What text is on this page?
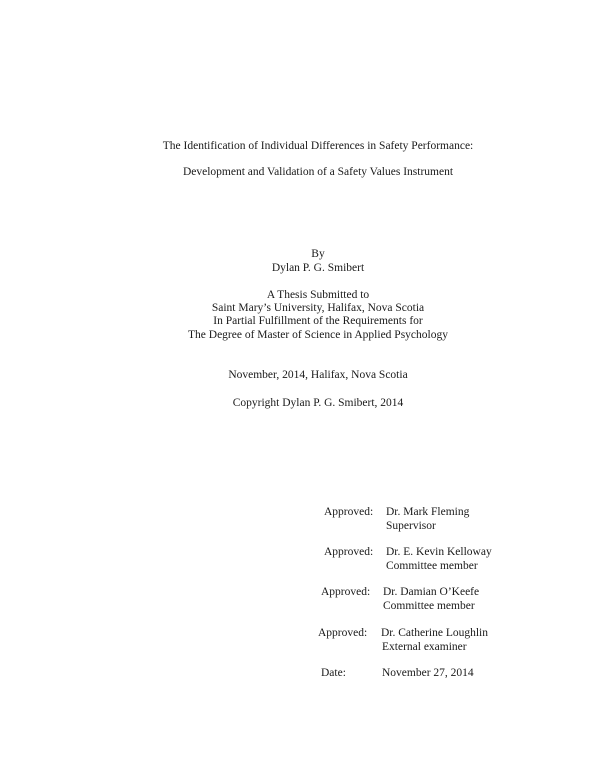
The Identification of Individual Differences in Safety Performance:
Development and Validation of a Safety Values Instrument
By
Dylan P. G. Smibert
A Thesis Submitted to
Saint Mary’s University, Halifax, Nova Scotia
In Partial Fulfillment of the Requirements for
The Degree of Master of Science in Applied Psychology
November, 2014, Halifax, Nova Scotia
Copyright Dylan P. G. Smibert, 2014
Approved: Dr. Mark Fleming
Supervisor
Approved: Dr. E. Kevin Kelloway
Committee member
Approved: Dr. Damian O’Keefe
Committee member
Approved: Dr. Catherine Loughlin
External examiner
Date:	November 27, 2014
